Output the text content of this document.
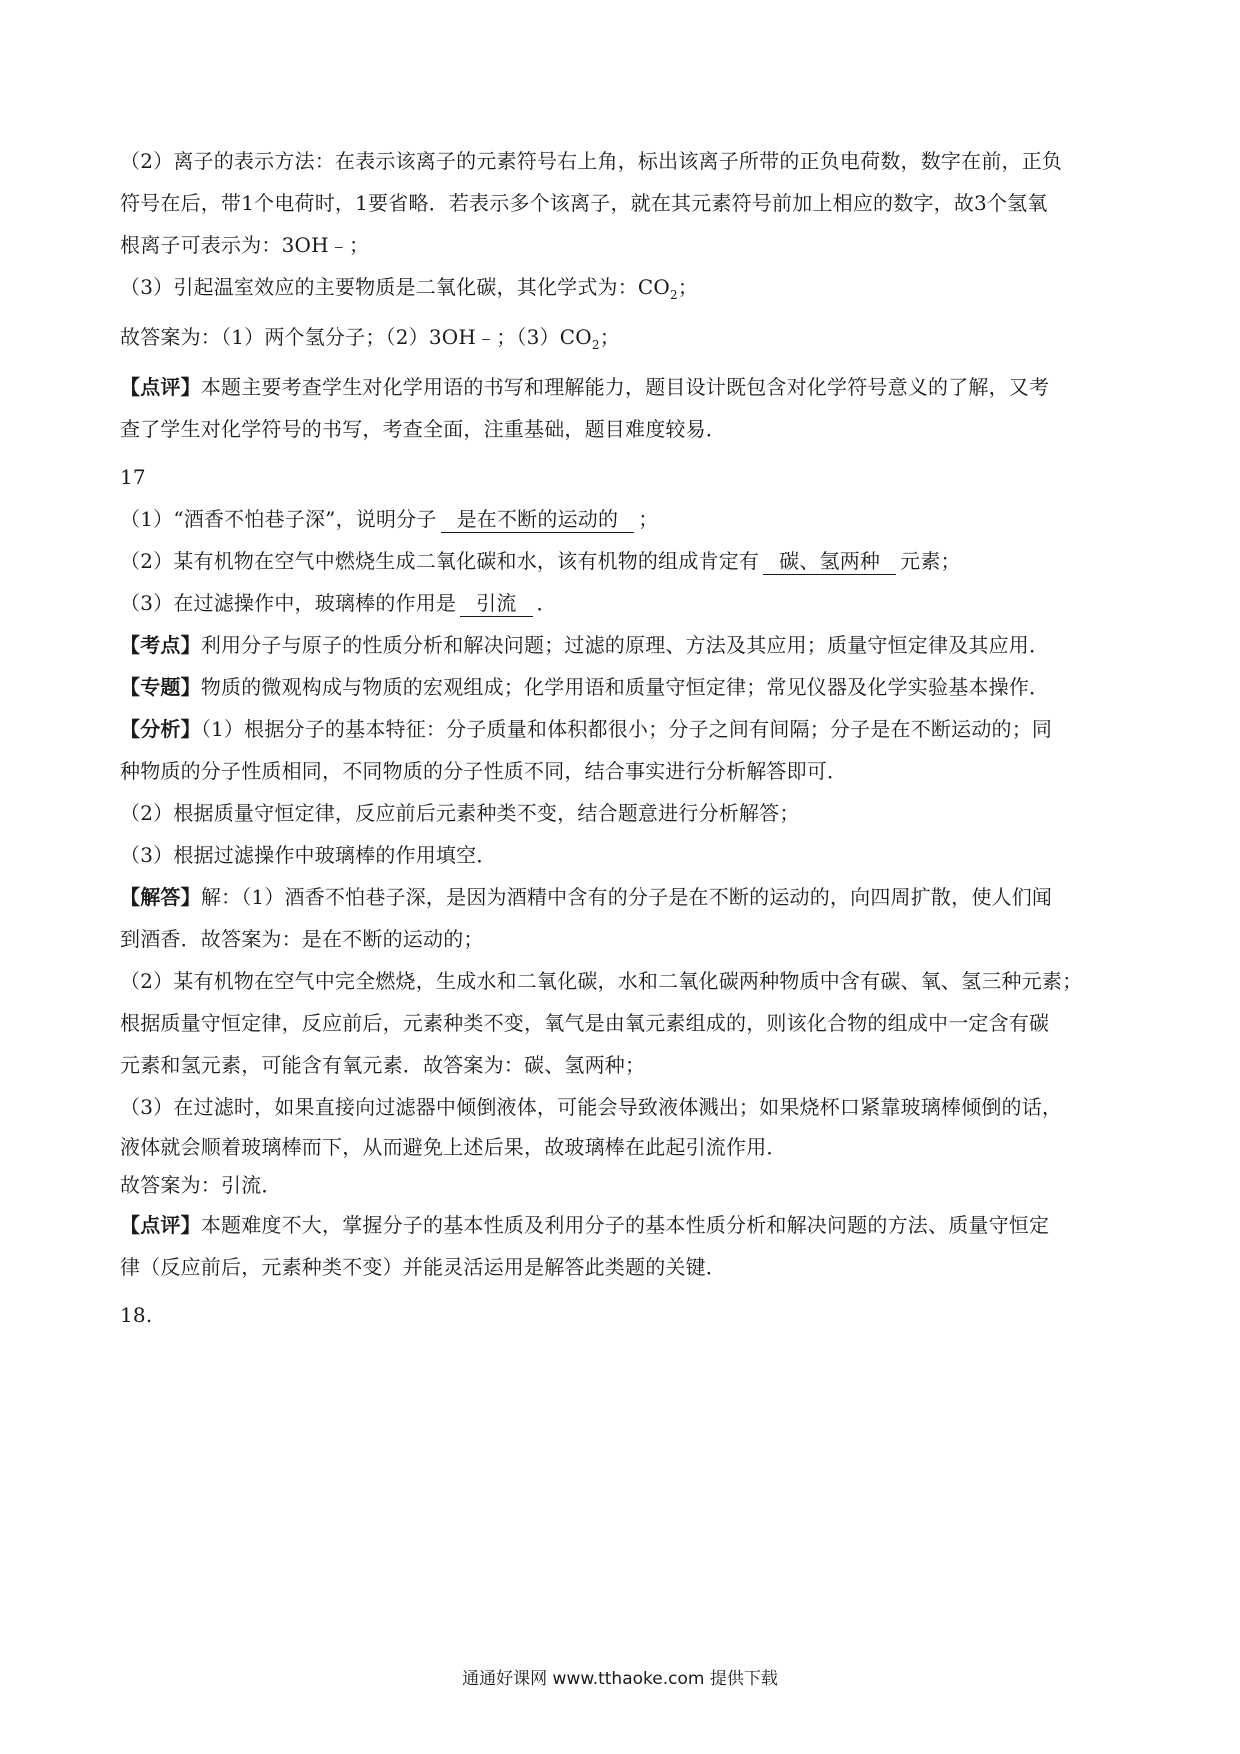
（2）离子的表示方法：在表示该离子的元素符号右上角，标出该离子所带的正负电荷数，数字在前，正负
符号在后，带1个电荷时，1要省略．若表示多个该离子，就在其元素符号前加上相应的数字，故3个氢氧
根离子可表示为：3OH﹣；
（3）引起温室效应的主要物质是二氧化碳，其化学式为：$CO_2$；
故答案为：（1）两个氢分子；（2）3OH﹣；$(3)CO_2$；
【点评】本题主要考查学生对化学用语的书写和理解能力，题目设计既包含对化学符号意义的了解，又考
查了学生对化学符号的书写，考查全面，注重基础，题目难度较易．
17
（1）“酒香不怕巷子深”，说明分子 是在不断的运动的 ；
（2）某有机物在空气中燃烧生成二氧化碳和水，该有机物的组成肯定有 碳、氢两种 元素；
（3）在过滤操作中，玻璃棒的作用是 引流 ．
【考点】利用分子与原子的性质分析和解决问题；过滤的原理、方法及其应用；质量守恒定律及其应用．
【专题】物质的微观构成与物质的宏观组成；化学用语和质量守恒定律；常见仪器及化学实验基本操作．
【分析】（1）根据分子的基本特征：分子质量和体积都很小；分子之间有间隔；分子是在不断运动的；同
种物质的分子性质相同，不同物质的分子性质不同，结合事实进行分析解答即可．
（2）根据质量守恒定律，反应前后元素种类不变，结合题意进行分析解答；
（3）根据过滤操作中玻璃棒的作用填空．
【解答】解：（1）酒香不怕巷子深，是因为酒精中含有的分子是在不断的运动的，向四周扩散，使人们闻
到酒香．故答案为：是在不断的运动的；
（2）某有机物在空气中完全燃烧，生成水和二氧化碳，水和二氧化碳两种物质中含有碳、氧、氢三种元素；
根据质量守恒定律，反应前后，元素种类不变，氧气是由氧元素组成的，则该化合物的组成中一定含有碳
元素和氢元素，可能含有氧元素．故答案为：碳、氢两种；
（3）在过滤时，如果直接向过滤器中倾倒液体，可能会导致液体溅出；如果烧杯口紧靠玻璃棒倾倒的话，
液体就会顺着玻璃棒而下，从而避免上述后果，故玻璃棒在此起引流作用．
故答案为：引流．
【点评】本题难度不大，掌握分子的基本性质及利用分子的基本性质分析和解决问题的方法、质量守恒定
律（反应前后，元素种类不变）并能灵活运用是解答此类题的关键．
18.
通通好课网 www.tthaoke.com 提供下载
